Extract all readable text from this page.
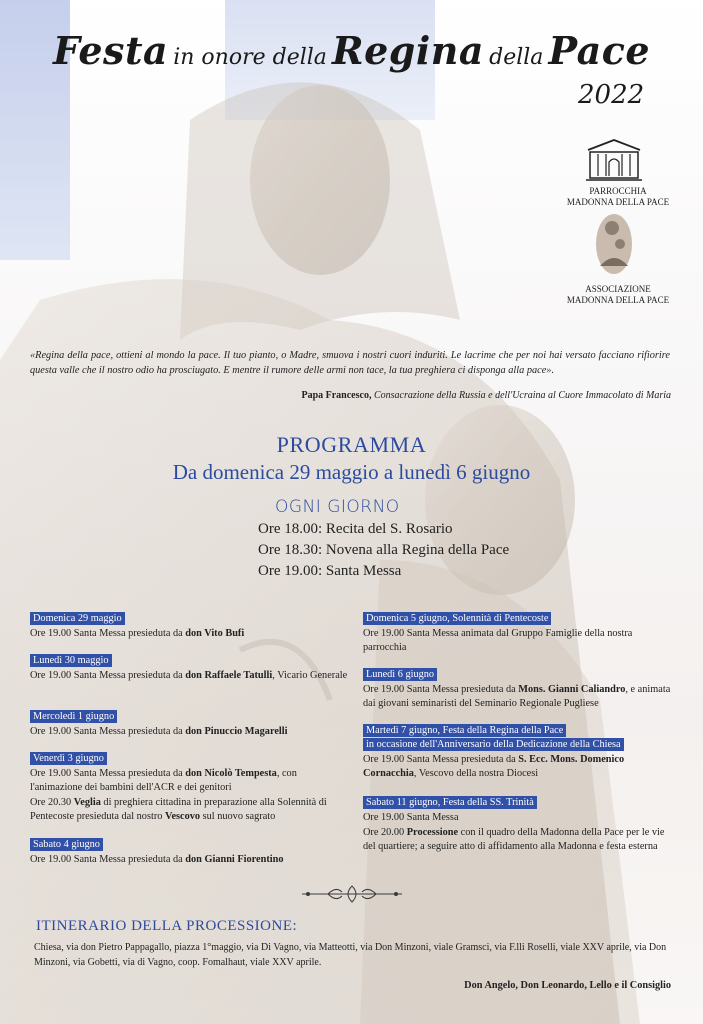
Festa in onore della Regina della Pace
2022
PARROCCHIA
MADONNA DELLA PACE
ASSOCIAZIONE
MADONNA DELLA PACE
«Regina della pace, ottieni al mondo la pace. Il tuo pianto, o Madre, smuova i nostri cuori induriti. Le lacrime che per noi hai versato facciano rifiorire questa valle che il nostro odio ha prosciugato. E mentre il rumore delle armi non tace, la tua preghiera ci disponga alla pace».
Papa Francesco, Consacrazione della Russia e dell'Ucraina al Cuore Immacolato di Maria
PROGRAMMA
Da domenica 29 maggio a lunedì 6 giugno
OGNI GIORNO
Ore 18.00: Recita del S. Rosario
Ore 18.30: Novena alla Regina della Pace
Ore 19.00: Santa Messa
Domenica 29 maggio
Ore 19.00 Santa Messa presieduta da don Vito Bufi
Lunedì 30 maggio
Ore 19.00 Santa Messa presieduta da don Raffaele Tatulli, Vicario Generale
Mercoledì 1 giugno
Ore 19.00 Santa Messa presieduta da don Pinuccio Magarelli
Venerdì 3 giugno
Ore 19.00 Santa Messa presieduta da don Nicolò Tempesta, con l'animazione dei bambini dell'ACR e dei genitori
Ore 20.30 Veglia di preghiera cittadina in preparazione alla Solennità di Pentecoste presieduta dal nostro Vescovo sul nuovo sagrato
Sabato 4 giugno
Ore 19.00 Santa Messa presieduta da don Gianni Fiorentino
Domenica 5 giugno, Solennità di Pentecoste
Ore 19.00 Santa Messa animata dal Gruppo Famiglie della nostra parrocchia
Lunedì 6 giugno
Ore 19.00 Santa Messa presieduta da Mons. Gianni Caliandro, e animata dai giovani seminaristi del Seminario Regionale Pugliese
Martedì 7 giugno, Festa della Regina della Pace
in occasione dell'Anniversario della Dedicazione della Chiesa
Ore 19.00 Santa Messa presieduta da S. Ecc. Mons. Domenico Cornacchia, Vescovo della nostra Diocesi
Sabato 11 giugno, Festa della SS. Trinità
Ore 19.00 Santa Messa
Ore 20.00 Processione con il quadro della Madonna della Pace per le vie del quartiere; a seguire atto di affidamento alla Madonna e festa esterna
ITINERARIO DELLA PROCESSIONE:
Chiesa, via don Pietro Pappagallo, piazza 1°maggio, via Di Vagno, via Matteotti, via Don Minzoni, viale Gramsci, via F.lli Roselli, viale XXV aprile, via Don Minzoni, via Gobetti, via di Vagno, coop. Fomalhaut, viale XXV aprile.
Don Angelo, Don Leonardo, Lello e il Consiglio
